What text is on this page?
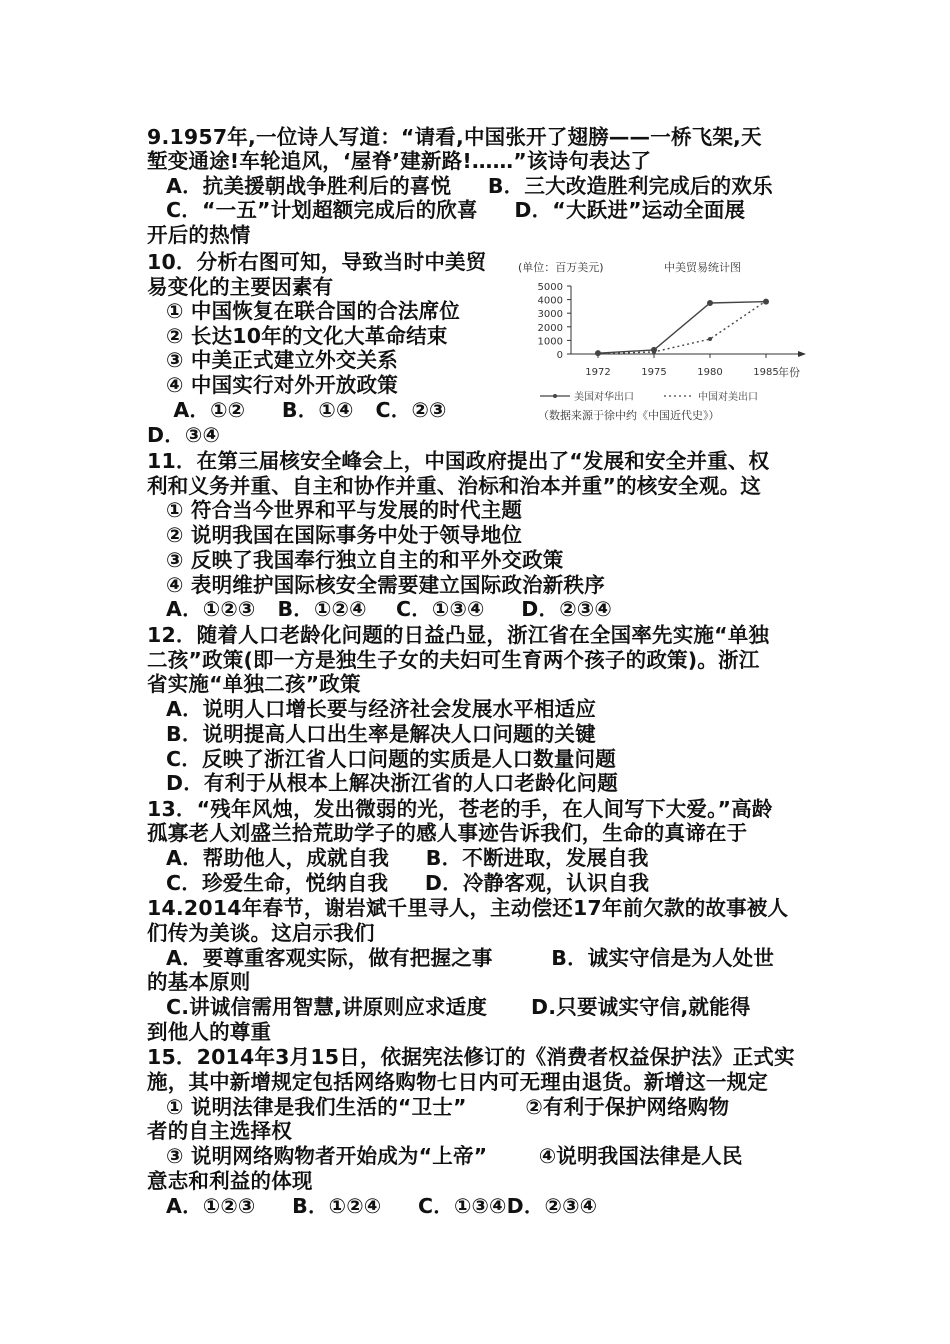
9.1957年,一位诗人写道：“请看,中国张开了翅膀——一桥飞架,天
堑变通途!车轮追风，‘屋脊’建新路!……”该诗句表达了
A．抗美援朝战争胜利后的喜悦     B．三大改造胜利完成后的欢乐
C．“一五”计划超额完成后的欣喜     D．“大跃进”运动全面展
开后的热情
10．分析右图可知，导致当时中美贸
易变化的主要因素有
① 中国恢复在联合国的合法席位
② 长达10年的文化大革命结束
③ 中美正式建立外交关系
④ 中国实行对外开放政策
A．①②     B．①④   C．②③
D．③④
11．在第三届核安全峰会上，中国政府提出了“发展和安全并重、权
利和义务并重、自主和协作并重、治标和治本并重”的核安全观。这
① 符合当今世界和平与发展的时代主题
② 说明我国在国际事务中处于领导地位
③ 反映了我国奉行独立自主的和平外交政策
④ 表明维护国际核安全需要建立国际政治新秩序
A．①②③   B．①②④    C．①③④     D．②③④
12．随着人口老龄化问题的日益凸显，浙江省在全国率先实施“单独
二孩”政策(即一方是独生子女的夫妇可生育两个孩子的政策)。浙江
省实施“单独二孩”政策
A．说明人口增长要与经济社会发展水平相适应
B．说明提高人口出生率是解决人口问题的关键
C．反映了浙江省人口问题的实质是人口数量问题
D．有利于从根本上解决浙江省的人口老龄化问题
13．“残年风烛，发出微弱的光，苍老的手，在人间写下大爱。”高龄
孤寡老人刘盛兰拾荒助学子的感人事迹告诉我们，生命的真谛在于
A．帮助他人，成就自我     B．不断进取，发展自我
C．珍爱生命，悦纳自我     D．冷静客观，认识自我
14.2014年春节，谢岩斌千里寻人，主动偿还17年前欠款的故事被人
们传为美谈。这启示我们
A．要尊重客观实际，做有把握之事        B．诚实守信是为人处世
的基本原则
C.讲诚信需用智慧,讲原则应求适度      D.只要诚实守信,就能得
到他人的尊重
15．2014年3月15日，依据宪法修订的《消费者权益保护法》正式实
施，其中新增规定包括网络购物七日内可无理由退货。新增这一规定
① 说明法律是我们生活的“卫士”        ②有利于保护网络购物
者的自主选择权
③ 说明网络购物者开始成为“上帝”       ④说明我国法律是人民
意志和利益的体现
A．①②③     B．①②④     C．①③④D．②③④
(单位：百万美元)	中美贸易统计图
0
1000
2000
3000
4000
5000
1972	1975	1980	1985 年份
美国对华出口	中国对美出口
（数据来源于徐中约《中国近代史》）
